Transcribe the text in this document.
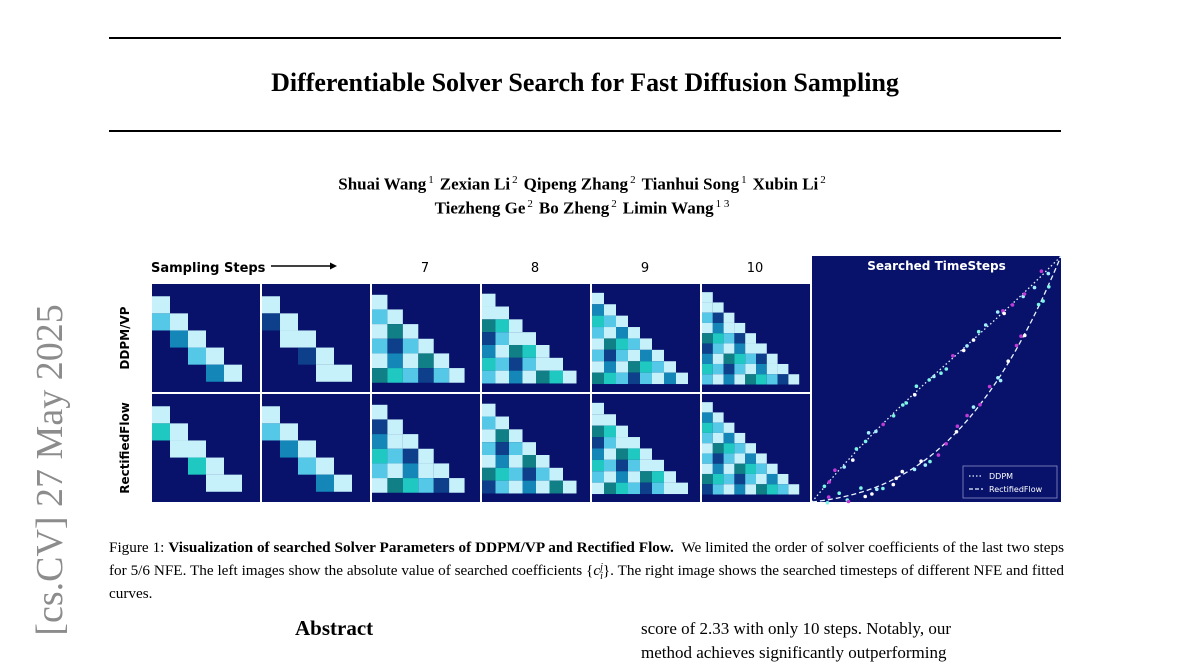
Differentiable Solver Search for Fast Diffusion Sampling
Shuai Wang $^1$ Zexian Li $^2$ Qipeng Zhang $^2$ Tianhui Song $^1$ Xubin Li $^2$
Tiezheng Ge $^2$ Bo Zheng $^2$ Limin Wang $^{1 3}$
[cs.CV] 27 May 2025
Sampling Steps	7	8	9	10
DDPM/VP
RectifiedFlow
Searched TimeSteps
DDPM
RectifiedFlow
Figure 1: Visualization of searched Solver Parameters of DDPM/VP and Rectified Flow. We limited the order of solver coefficients of the last two steps for 5/6 NFE. The left images show the absolute value of searched coefficients {c j
i }. The right image shows the searched timesteps of different NFE and fitted curves.
Abstract	score of 2.33 with only 10 steps. Notably, our
method achieves significantly outperforming
